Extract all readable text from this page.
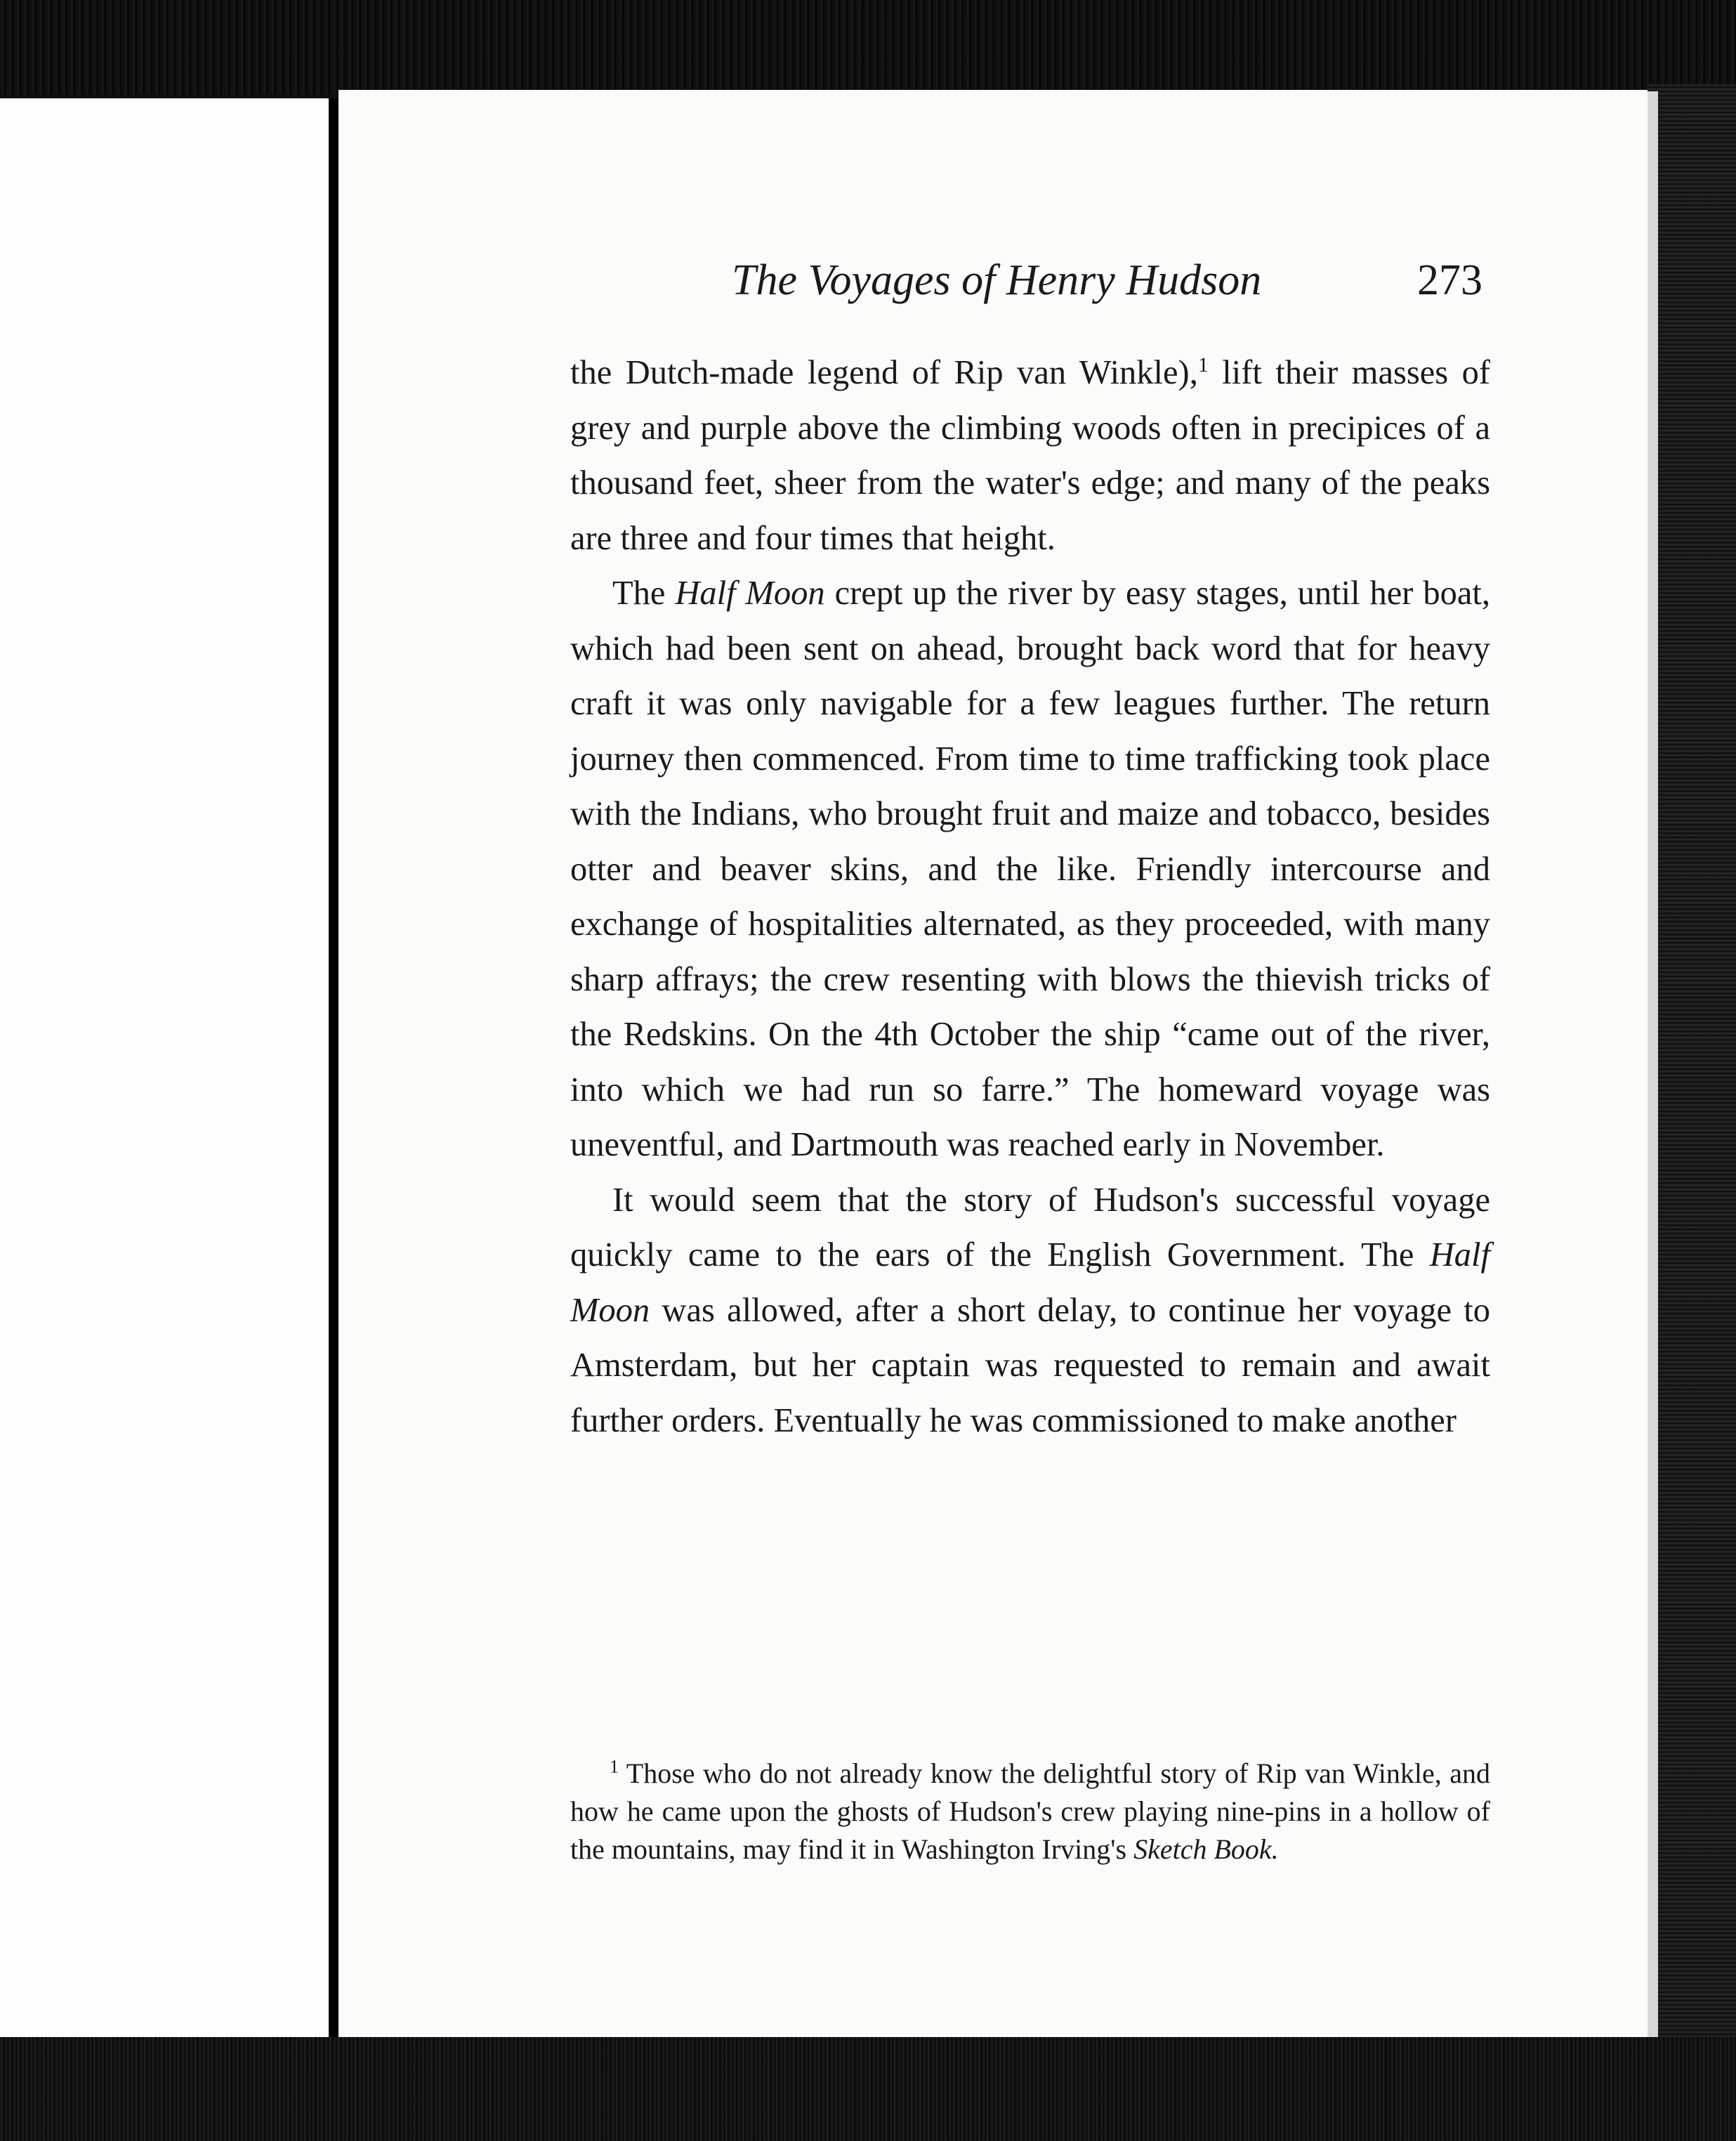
The Voyages of Henry Hudson	273

the Dutch-made legend of Rip van Winkle),$^1$ lift their masses of grey and purple above the climbing woods often in precipices of a thousand feet, sheer from the water's edge; and many of the peaks are three and four times that height.

The Half Moon crept up the river by easy stages, until her boat, which had been sent on ahead, brought back word that for heavy craft it was only navigable for a few leagues further. The return journey then commenced. From time to time trafficking took place with the Indians, who brought fruit and maize and tobacco, besides otter and beaver skins, and the like. Friendly intercourse and exchange of hospitalities alternated, as they proceeded, with many sharp affrays; the crew resenting with blows the thievish tricks of the Redskins. On the 4th October the ship “came out of the river, into which we had run so farre.” The homeward voyage was uneventful, and Dartmouth was reached early in November.

It would seem that the story of Hudson's successful voyage quickly came to the ears of the English Government. The Half Moon was allowed, after a short delay, to continue her voyage to Amsterdam, but her captain was requested to remain and await further orders. Eventually he was commissioned to make another

$^1$ Those who do not already know the delightful story of Rip van Winkle, and how he came upon the ghosts of Hudson's crew playing nine-pins in a hollow of the mountains, may find it in Washington Irving's Sketch Book.
